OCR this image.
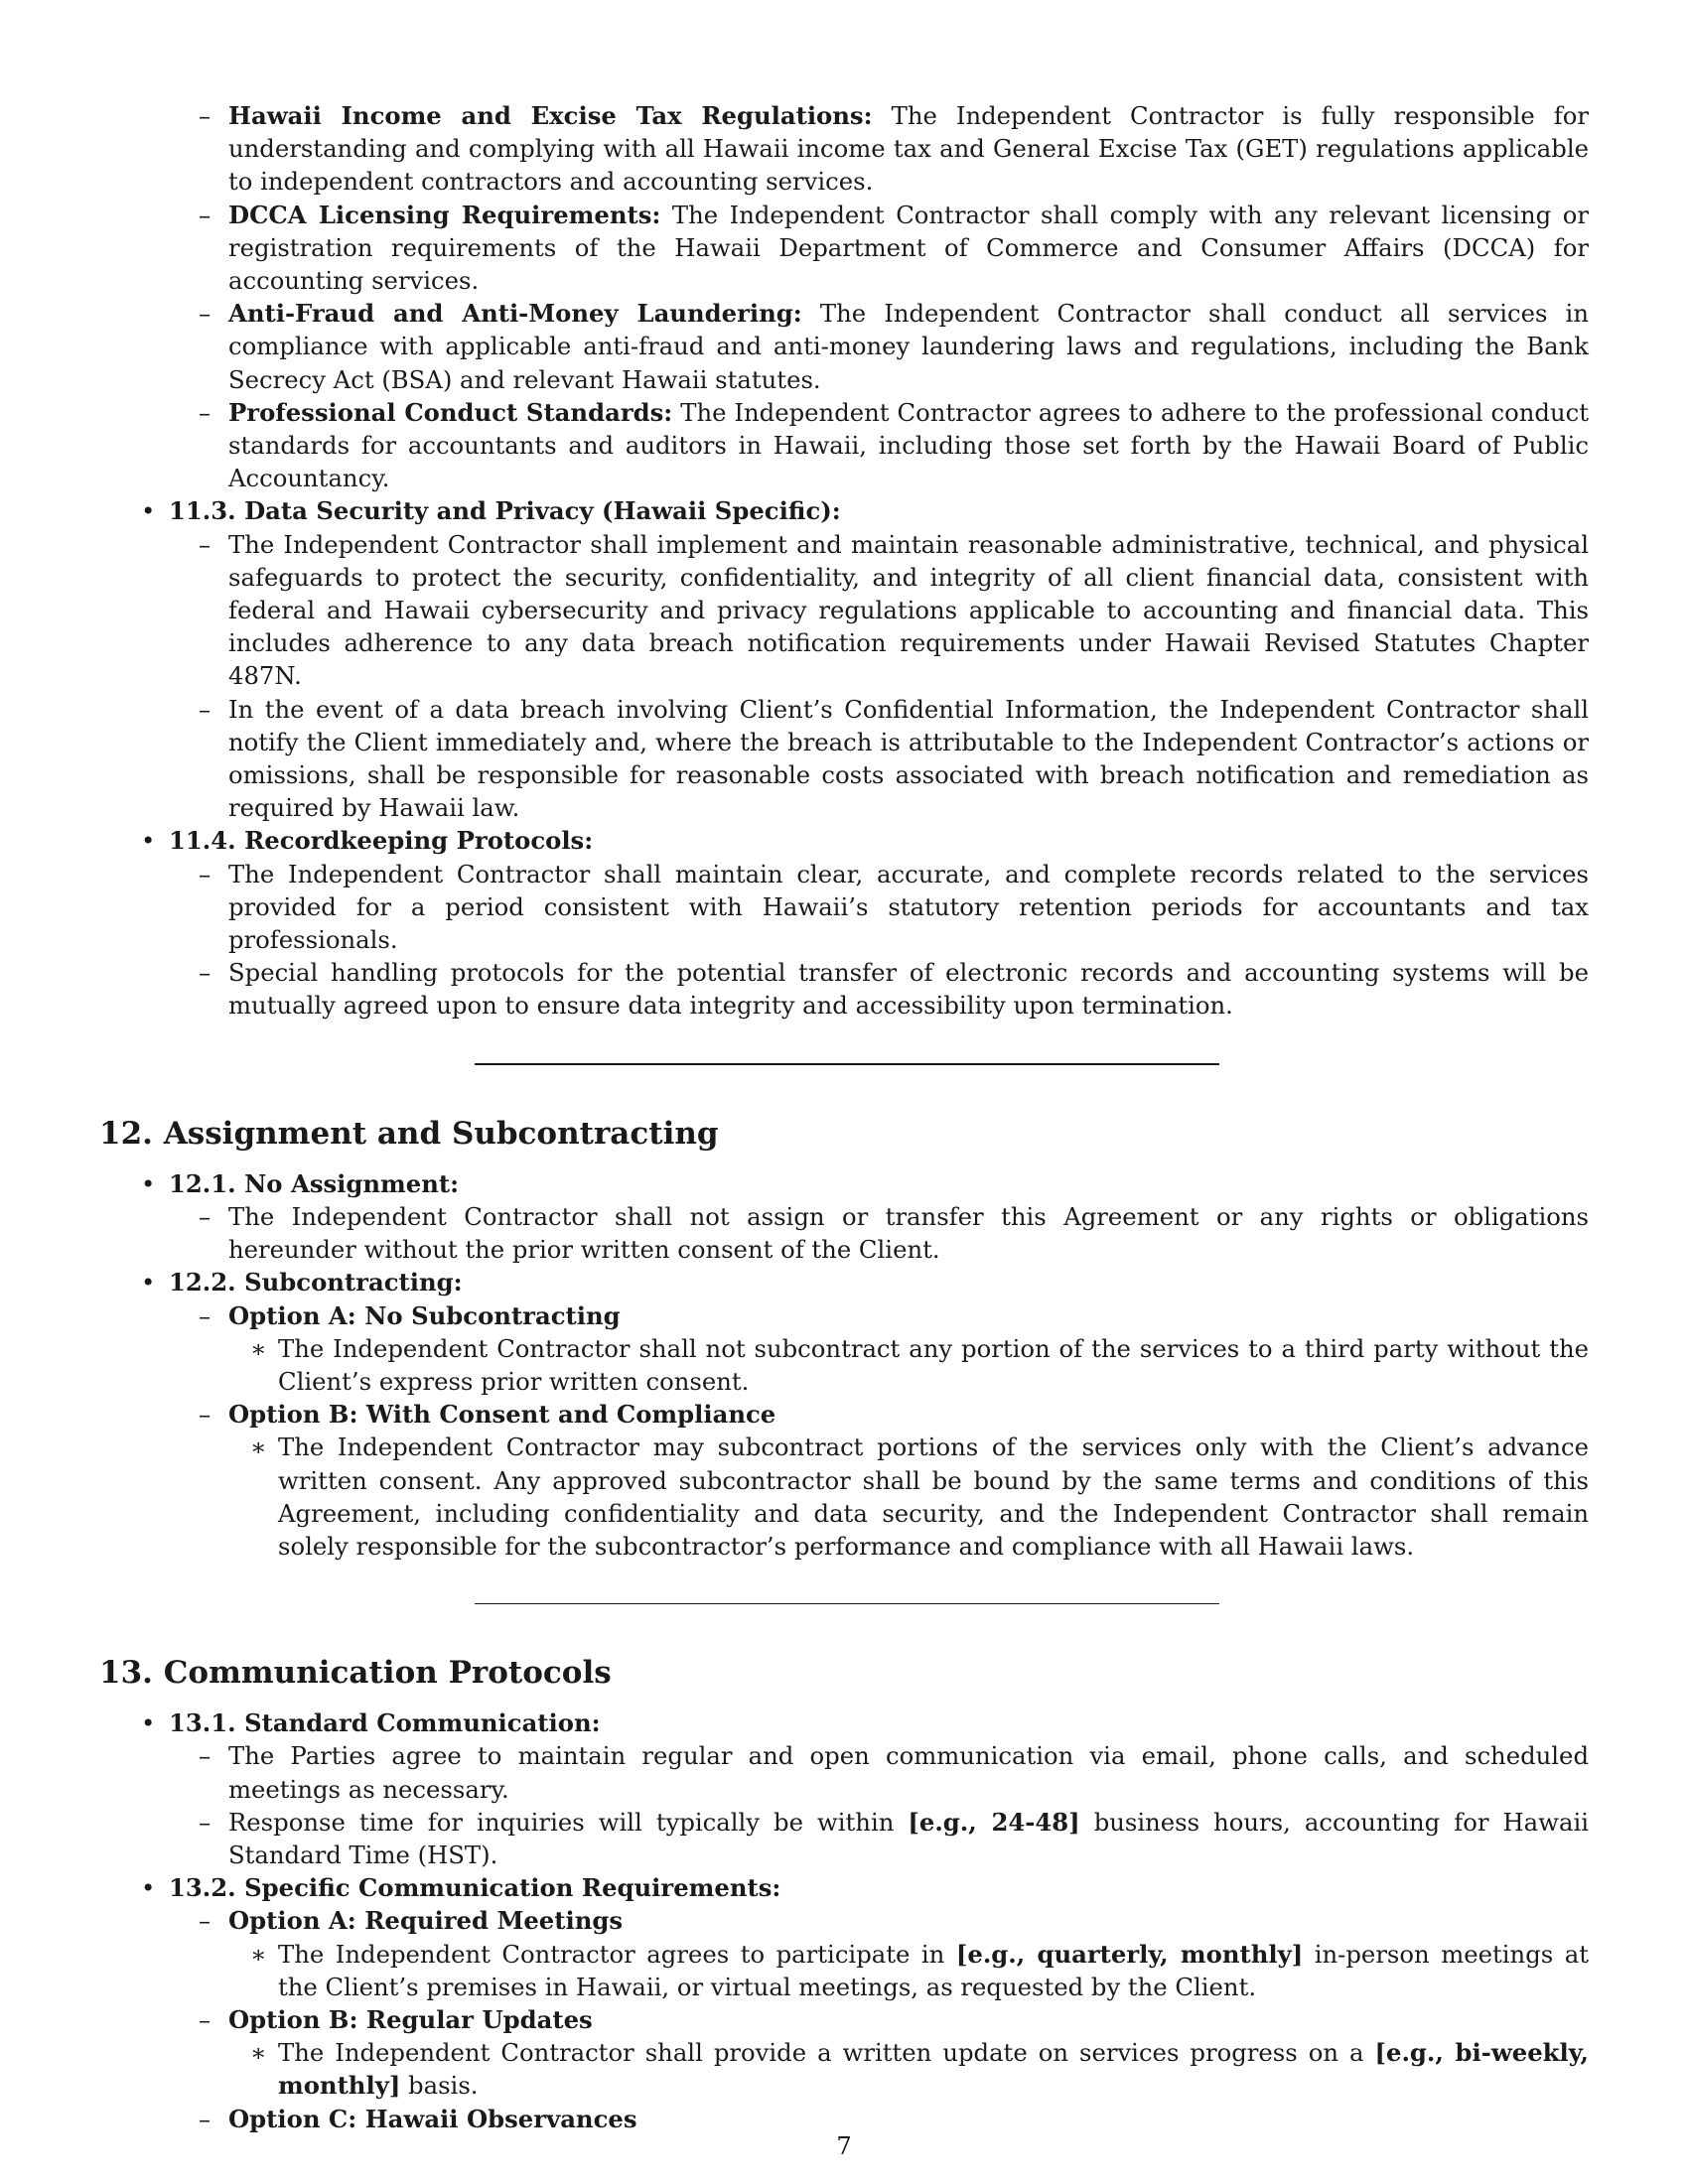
– Hawaii Income and Excise Tax Regulations: The Independent Contractor is fully responsible for understanding and complying with all Hawaii income tax and General Excise Tax (GET) regulations applicable to independent contractors and accounting services.
– DCCA Licensing Requirements: The Independent Contractor shall comply with any relevant licensing or registration requirements of the Hawaii Department of Commerce and Consumer Affairs (DCCA) for accounting services.
– Anti-Fraud and Anti-Money Laundering: The Independent Contractor shall conduct all services in compliance with applicable anti-fraud and anti-money laundering laws and regulations, including the Bank Secrecy Act (BSA) and relevant Hawaii statutes.
– Professional Conduct Standards: The Independent Contractor agrees to adhere to the professional conduct standards for accountants and auditors in Hawaii, including those set forth by the Hawaii Board of Public Accountancy.
• 11.3. Data Security and Privacy (Hawaii Specific):
– The Independent Contractor shall implement and maintain reasonable administrative, technical, and physical safeguards to protect the security, confidentiality, and integrity of all client financial data, consistent with federal and Hawaii cybersecurity and privacy regulations applicable to accounting and financial data. This includes adherence to any data breach notification requirements under Hawaii Revised Statutes Chapter 487N.
– In the event of a data breach involving Client’s Confidential Information, the Independent Contractor shall notify the Client immediately and, where the breach is attributable to the Independent Contractor’s actions or omissions, shall be responsible for reasonable costs associated with breach notification and remediation as required by Hawaii law.
• 11.4. Recordkeeping Protocols:
– The Independent Contractor shall maintain clear, accurate, and complete records related to the services provided for a period consistent with Hawaii’s statutory retention periods for accountants and tax professionals.
– Special handling protocols for the potential transfer of electronic records and accounting systems will be mutually agreed upon to ensure data integrity and accessibility upon termination.
12. Assignment and Subcontracting
• 12.1. No Assignment:
– The Independent Contractor shall not assign or transfer this Agreement or any rights or obligations hereunder without the prior written consent of the Client.
• 12.2. Subcontracting:
– Option A: No Subcontracting
∗ The Independent Contractor shall not subcontract any portion of the services to a third party without the Client’s express prior written consent.
– Option B: With Consent and Compliance
∗ The Independent Contractor may subcontract portions of the services only with the Client’s advance written consent. Any approved subcontractor shall be bound by the same terms and conditions of this Agreement, including confidentiality and data security, and the Independent Contractor shall remain solely responsible for the subcontractor’s performance and compliance with all Hawaii laws.
13. Communication Protocols
• 13.1. Standard Communication:
– The Parties agree to maintain regular and open communication via email, phone calls, and scheduled meetings as necessary.
– Response time for inquiries will typically be within [e.g., 24-48] business hours, accounting for Hawaii Standard Time (HST).
• 13.2. Specific Communication Requirements:
– Option A: Required Meetings
∗ The Independent Contractor agrees to participate in [e.g., quarterly, monthly] in-person meetings at the Client’s premises in Hawaii, or virtual meetings, as requested by the Client.
– Option B: Regular Updates
∗ The Independent Contractor shall provide a written update on services progress on a [e.g., bi-weekly, monthly] basis.
– Option C: Hawaii Observances
7
